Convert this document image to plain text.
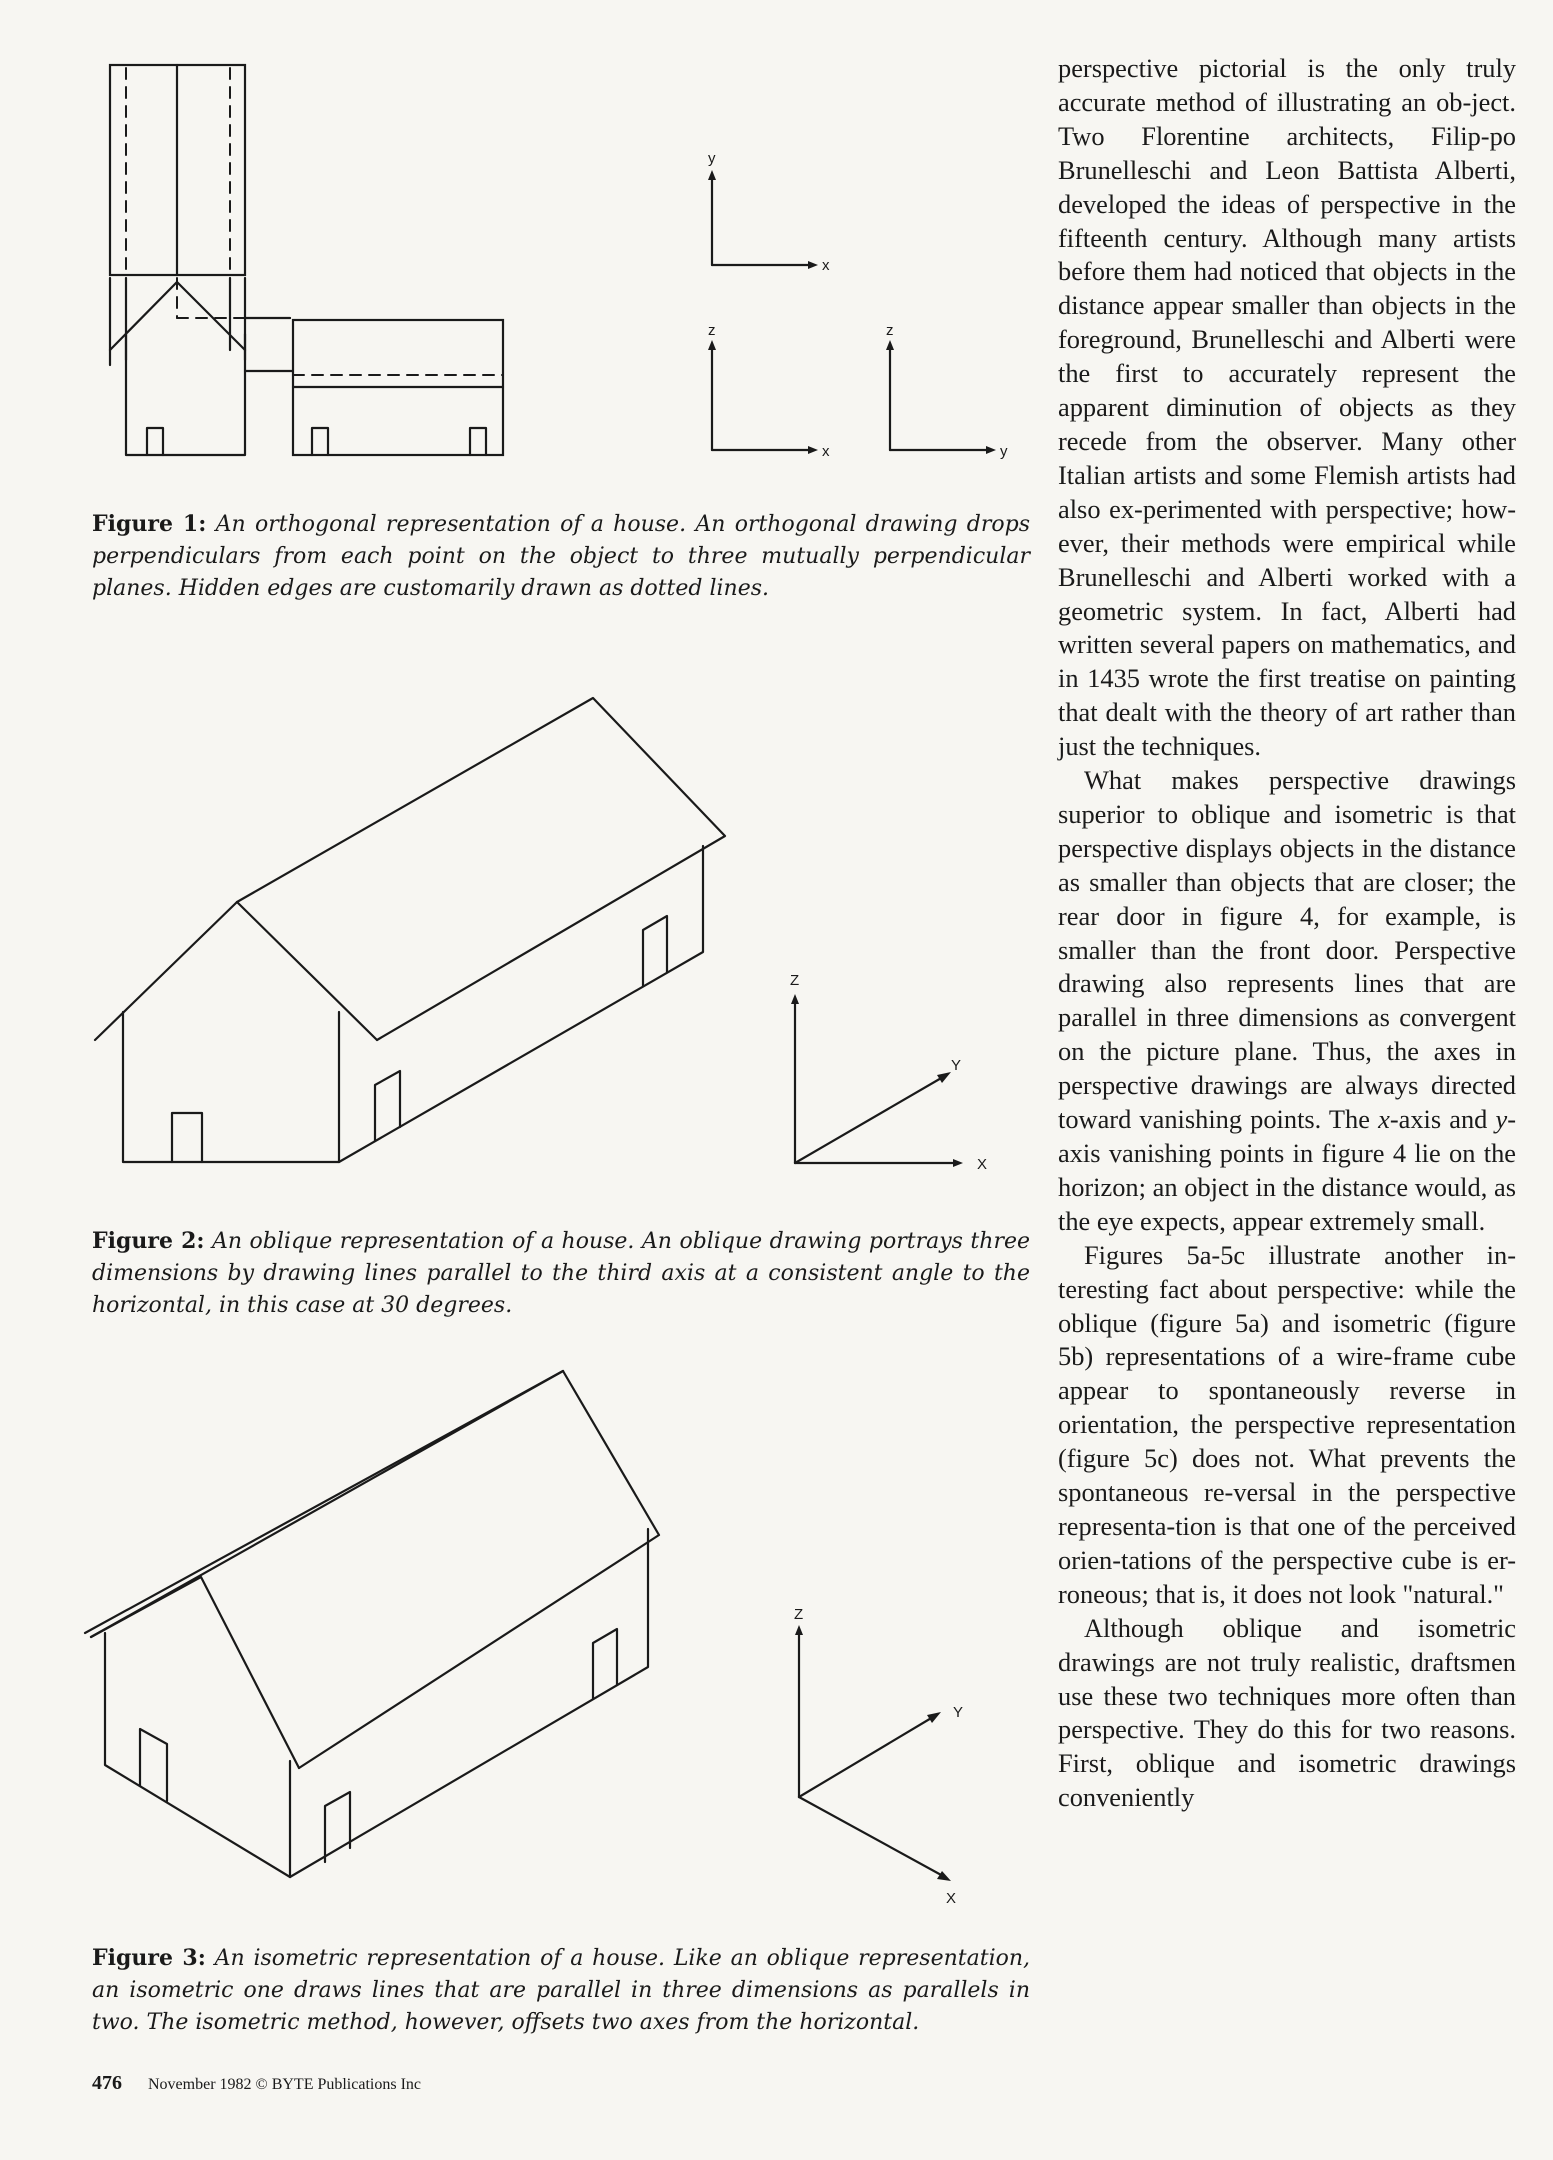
y
x
z
x
z
y
Figure 1: An orthogonal representation of a house. An orthogonal drawing drops perpendiculars from each point on the object to three mutually perpendicular planes. Hidden edges are customarily drawn as dotted lines.
Z
Y
X
Figure 2: An oblique representation of a house. An oblique drawing portrays three dimensions by drawing lines parallel to the third axis at a consistent angle to the horizontal, in this case at 30 degrees.
Z
Y
X
Figure 3: An isometric representation of a house. Like an oblique representation, an isometric one draws lines that are parallel in three dimensions as parallels in two. The isometric method, however, offsets two axes from the horizontal.

perspective pictorial is the only truly accurate method of illustrating an ob-ject. Two Florentine architects, Filip-po Brunelleschi and Leon Battista Alberti, developed the ideas of perspective in the fifteenth century. Although many artists before them had noticed that objects in the distance appear smaller than objects in the foreground, Brunelleschi and Alberti were the first to accurately represent the apparent diminution of objects as they recede from the observer. Many other Italian artists and some Flemish artists had also ex-perimented with perspective; how-ever, their methods were empirical while Brunelleschi and Alberti worked with a geometric system. In fact, Alberti had written several papers on mathematics, and in 1435 wrote the first treatise on painting that dealt with the theory of art rather than just the techniques.

What makes perspective drawings superior to oblique and isometric is that perspective displays objects in the distance as smaller than objects that are closer; the rear door in figure 4, for example, is smaller than the front door. Perspective drawing also represents lines that are parallel in three dimensions as convergent on the picture plane. Thus, the axes in perspective drawings are always directed toward vanishing points. The x-axis and y-axis vanishing points in figure 4 lie on the horizon; an object in the distance would, as the eye expects, appear extremely small.

Figures 5a-5c illustrate another in-teresting fact about perspective: while the oblique (figure 5a) and isometric (figure 5b) representations of a wire-frame cube appear to spontaneously reverse in orientation, the perspective representation (figure 5c) does not. What prevents the spontaneous re-versal in the perspective representa-tion is that one of the perceived orien-tations of the perspective cube is er-roneous; that is, it does not look "natural."

Although oblique and isometric drawings are not truly realistic, draftsmen use these two techniques more often than perspective. They do this for two reasons. First, oblique and isometric drawings conveniently

476 November 1982 © BYTE Publications Inc
